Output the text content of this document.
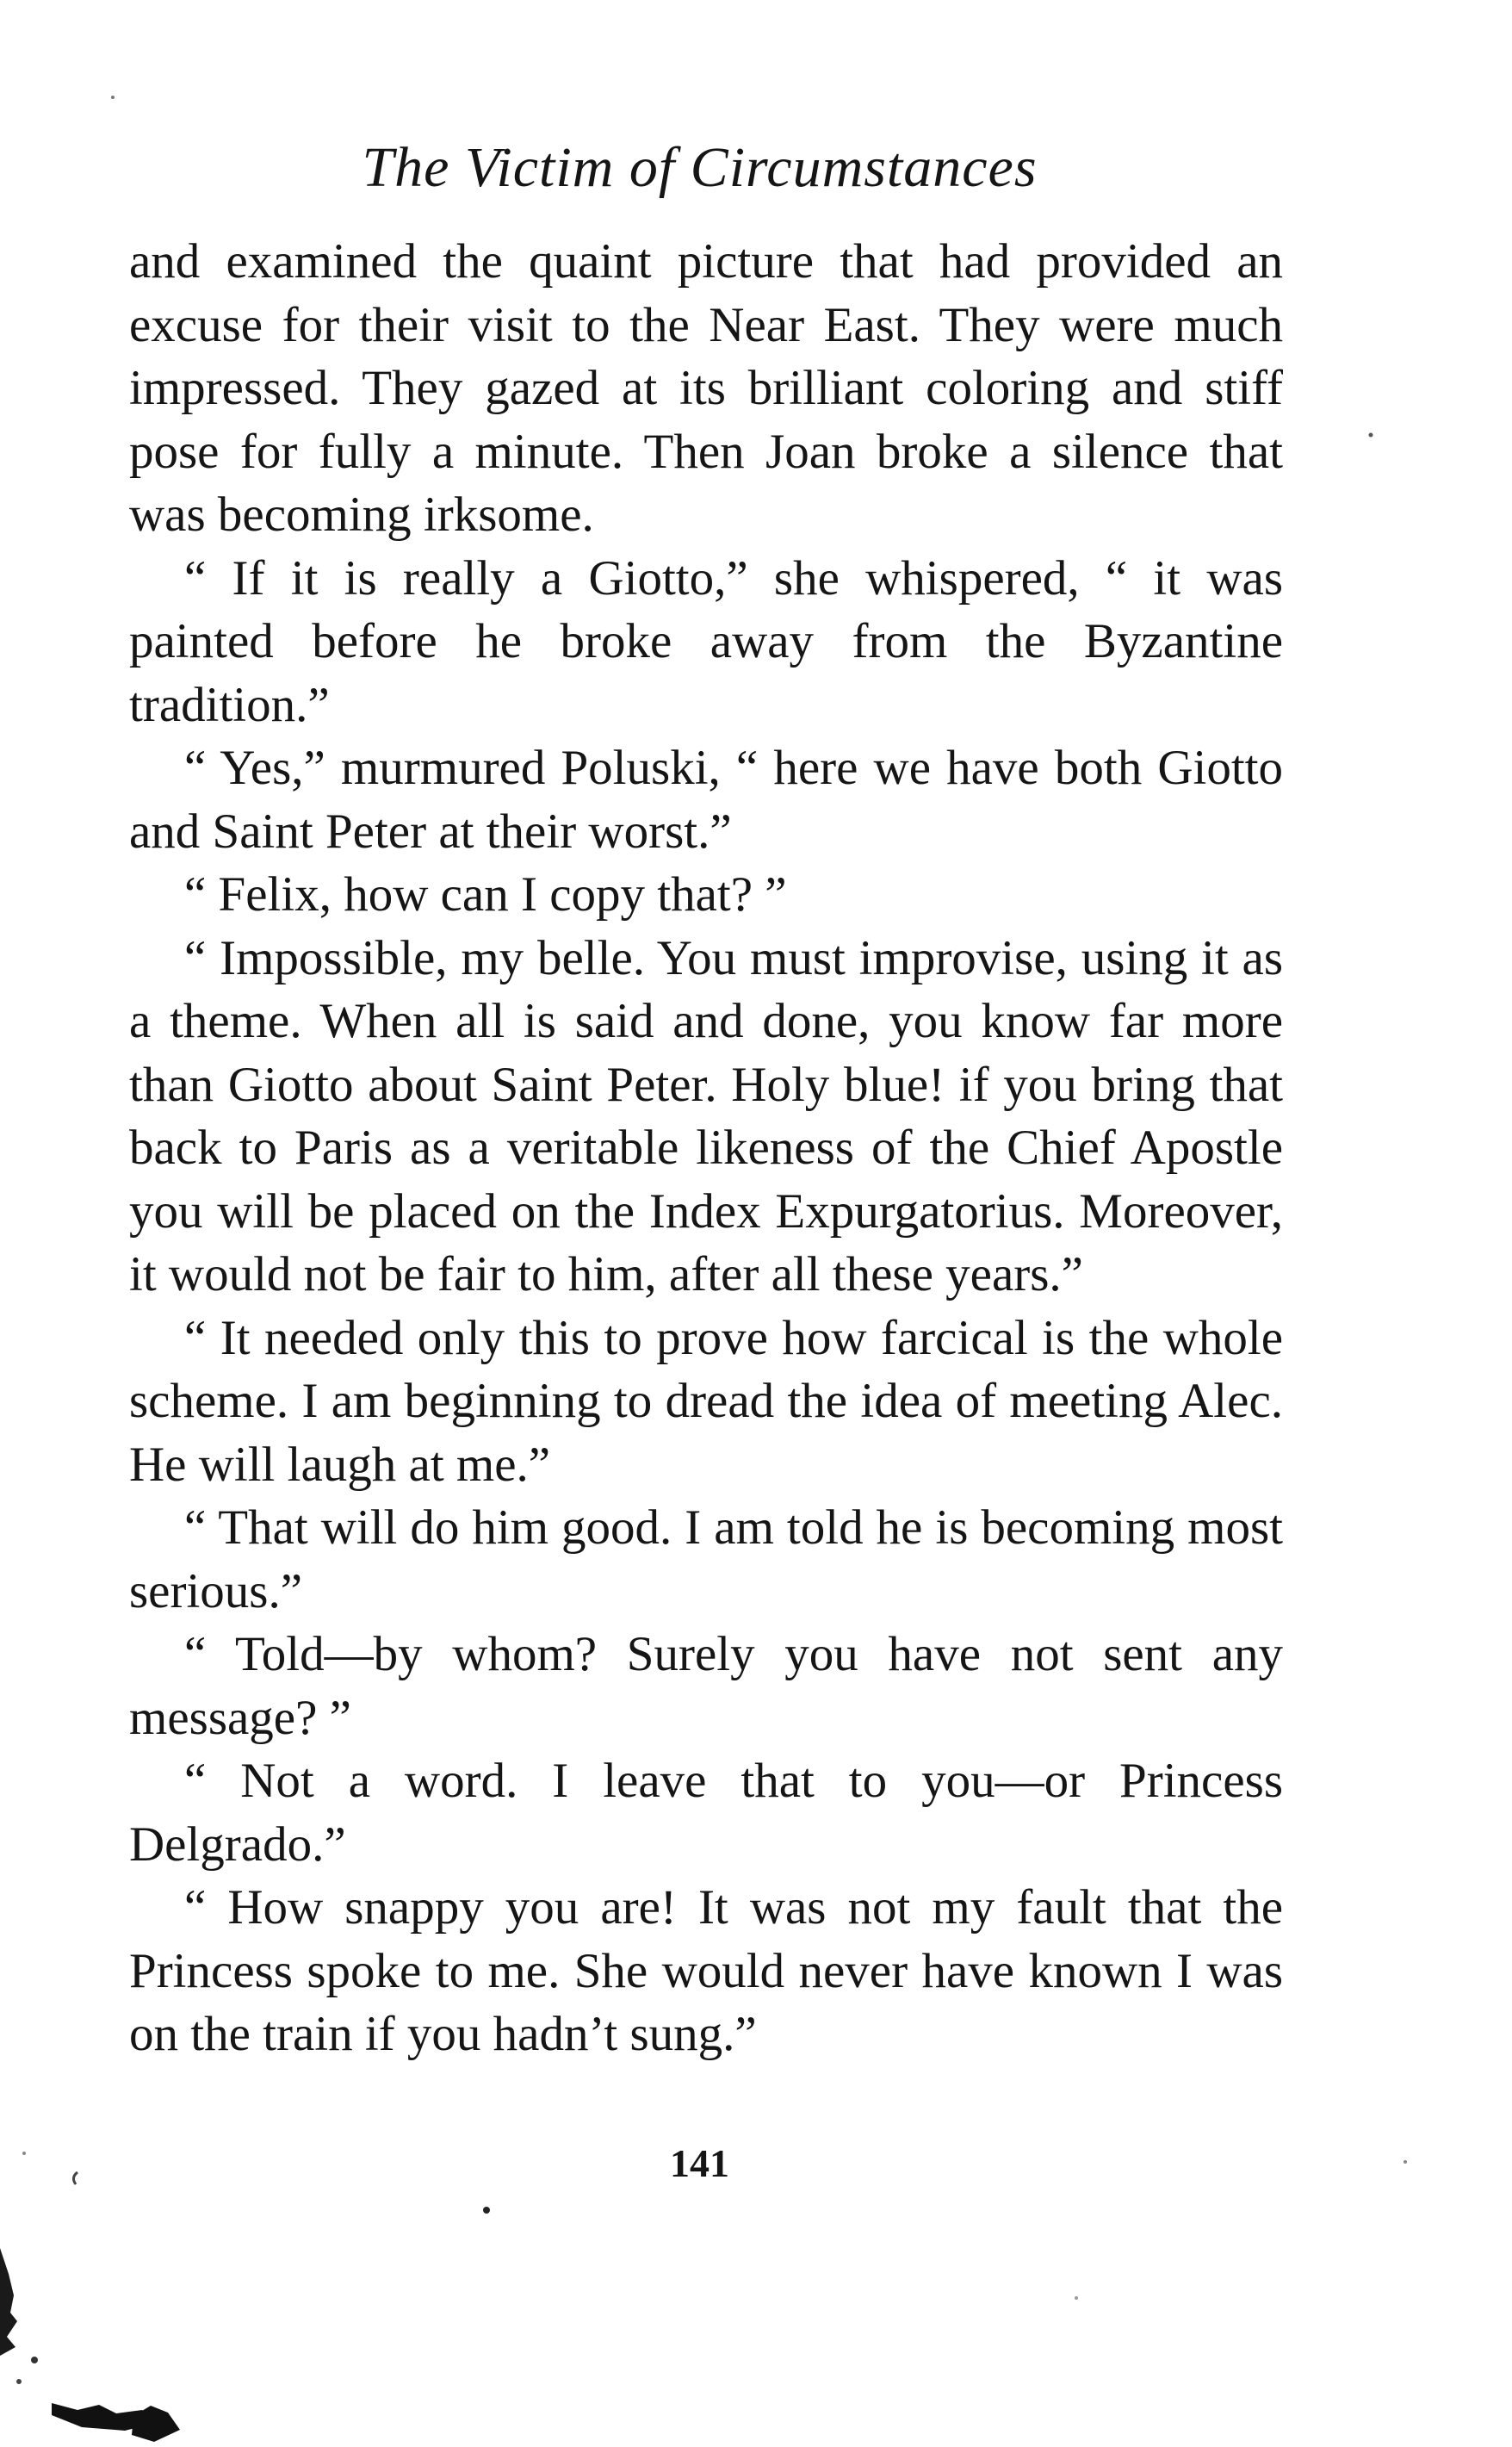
The Victim of Circumstances

and examined the quaint picture that had provided an excuse for their visit to the Near East. They were much impressed. They gazed at its brilliant coloring and stiff pose for fully a minute. Then Joan broke a silence that was becoming irksome.

“ If it is really a Giotto,” she whispered, “ it was painted before he broke away from the Byzantine tradition.”

“ Yes,” murmured Poluski, “ here we have both Giotto and Saint Peter at their worst.”

“ Felix, how can I copy that? ”

“ Impossible, my belle. You must improvise, using it as a theme. When all is said and done, you know far more than Giotto about Saint Peter. Holy blue! if you bring that back to Paris as a veritable likeness of the Chief Apostle you will be placed on the Index Expurgatorius. Moreover, it would not be fair to him, after all these years.”

“ It needed only this to prove how farcical is the whole scheme. I am beginning to dread the idea of meeting Alec. He will laugh at me.”

“ That will do him good. I am told he is becoming most serious.”

“ Told—by whom? Surely you have not sent any message? ”

“ Not a word. I leave that to you—or Princess Delgrado.”

“ How snappy you are! It was not my fault that the Princess spoke to me. She would never have known I was on the train if you hadn’t sung.”

141
